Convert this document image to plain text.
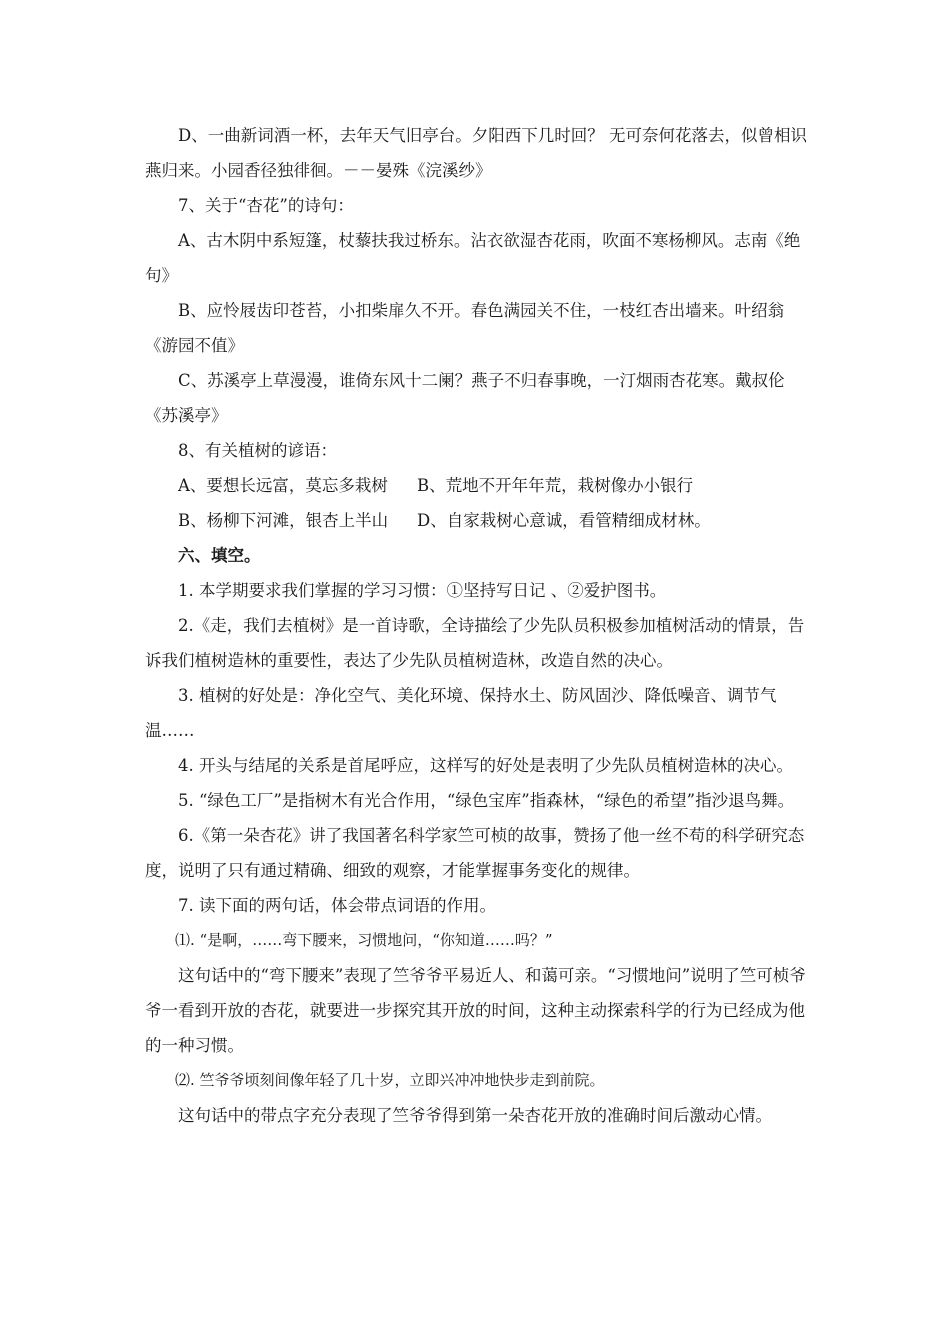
D、一曲新词酒一杯，去年天气旧亭台。夕阳西下几时回？ 无可奈何花落去，似曾相识燕归来。小园香径独徘徊。－－晏殊《浣溪纱》

7、关于“杏花”的诗句：

A、古木阴中系短篷，杖藜扶我过桥东。沾衣欲湿杏花雨，吹面不寒杨柳风。志南《绝句》

B、应怜屐齿印苍苔，小扣柴扉久不开。春色满园关不住，一枝红杏出墙来。叶绍翁《游园不值》

C、苏溪亭上草漫漫，谁倚东风十二阑？燕子不归春事晚，一汀烟雨杏花寒。戴叔伦《苏溪亭》

8、有关植树的谚语：

A、要想长远富，莫忘多栽树 B、荒地不开年年荒，栽树像办小银行
B、杨柳下河滩，银杏上半山 D、自家栽树心意诚，看管精细成材林。

六、填空。

1. 本学期要求我们掌握的学习习惯：①坚持写日记 、②爱护图书。

2.《走，我们去植树》是一首诗歌，全诗描绘了少先队员积极参加植树活动的情景，告诉我们植树造林的重要性，表达了少先队员植树造林，改造自然的决心。

3. 植树的好处是：净化空气、美化环境、保持水土、防风固沙、降低噪音、调节气温……

4. 开头与结尾的关系是首尾呼应，这样写的好处是表明了少先队员植树造林的决心。

5. “绿色工厂”是指树木有光合作用，“绿色宝库”指森林，“绿色的希望”指沙退鸟舞。

6.《第一朵杏花》讲了我国著名科学家竺可桢的故事，赞扬了他一丝不苟的科学研究态度，说明了只有通过精确、细致的观察，才能掌握事务变化的规律。

7. 读下面的两句话，体会带点词语的作用。

⑴. “是啊，……弯下腰来，习惯地问，“你知道……吗？”

这句话中的“弯下腰来”表现了竺爷爷平易近人、和蔼可亲。“习惯地问”说明了竺可桢爷爷一看到开放的杏花，就要进一步探究其开放的时间，这种主动探索科学的行为已经成为他的一种习惯。

⑵. 竺爷爷顷刻间像年轻了几十岁，立即兴冲冲地快步走到前院。

这句话中的带点字充分表现了竺爷爷得到第一朵杏花开放的准确时间后激动心情。
